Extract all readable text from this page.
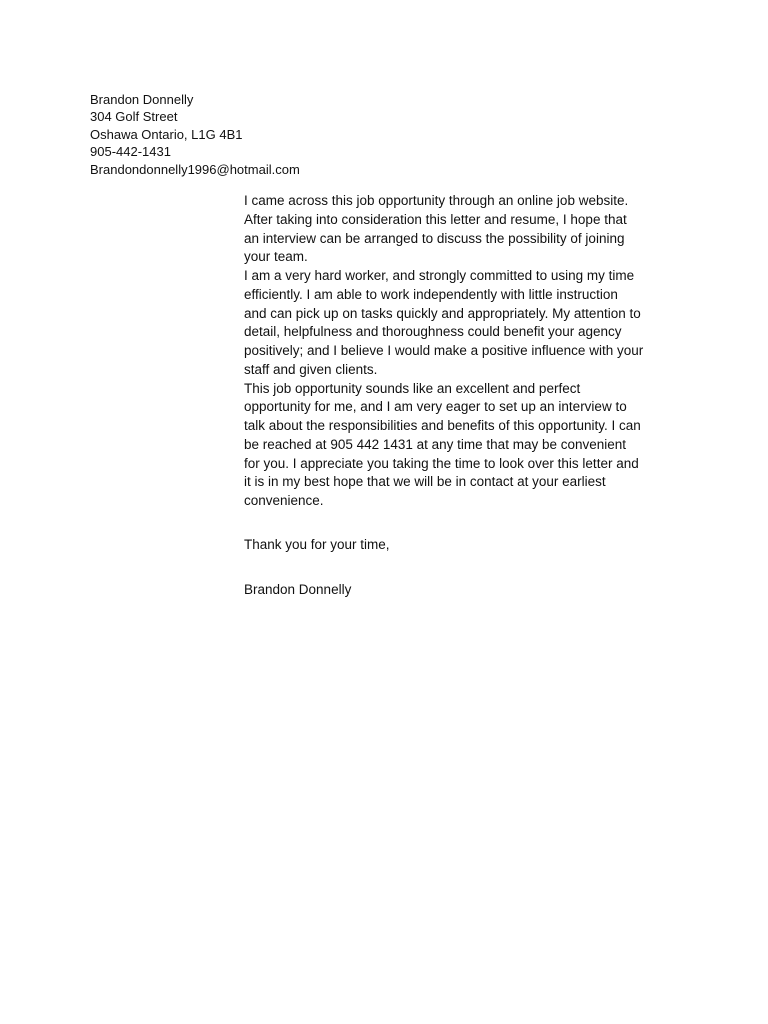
Brandon Donnelly
304 Golf Street
Oshawa Ontario, L1G 4B1
905-442-1431
Brandondonnelly1996@hotmail.com
I came across this job opportunity through an online job website.
After taking into consideration this letter and resume, I hope that
an interview can be arranged to discuss the possibility of joining
your team.
I am a very hard worker, and strongly committed to using my time
efficiently. I am able to work independently with little instruction
and can pick up on tasks quickly and appropriately. My attention to
detail, helpfulness and thoroughness could benefit your agency
positively; and I believe I would make a positive influence with your
staff and given clients.
This job opportunity sounds like an excellent and perfect
opportunity for me, and I am very eager to set up an interview to
talk about the responsibilities and benefits of this opportunity. I can
be reached at 905 442 1431 at any time that may be convenient
for you. I appreciate you taking the time to look over this letter and
it is in my best hope that we will be in contact at your earliest
convenience.
Thank you for your time,
Brandon Donnelly
